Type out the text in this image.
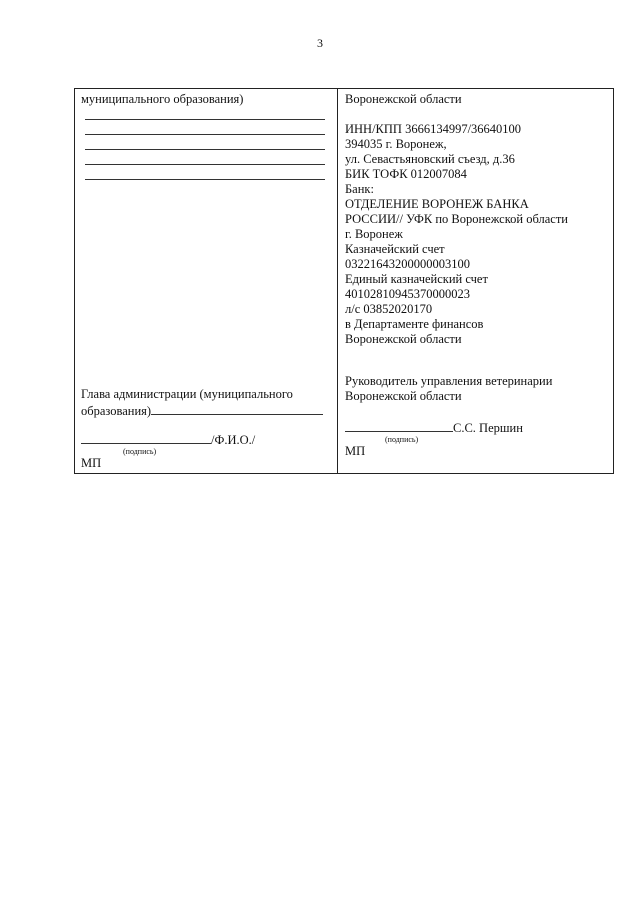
3
муниципального образования)
Глава администрации (муниципального
образования)
/Ф.И.О./
(подпись)
МП
Воронежской области
ИНН/КПП 3666134997/36640100
394035 г. Воронеж,
ул. Севастьяновский съезд, д.36
БИК ТОФК 012007084
Банк:
ОТДЕЛЕНИЕ ВОРОНЕЖ БАНКА
РОССИИ// УФК по Воронежской области
г. Воронеж
Казначейский счет
03221643200000003100
Единый казначейский счет
40102810945370000023
л/с 03852020170
в Департаменте финансов
Воронежской области
Руководитель управления ветеринарии
Воронежской области
С.С. Першин
(подпись)
МП
